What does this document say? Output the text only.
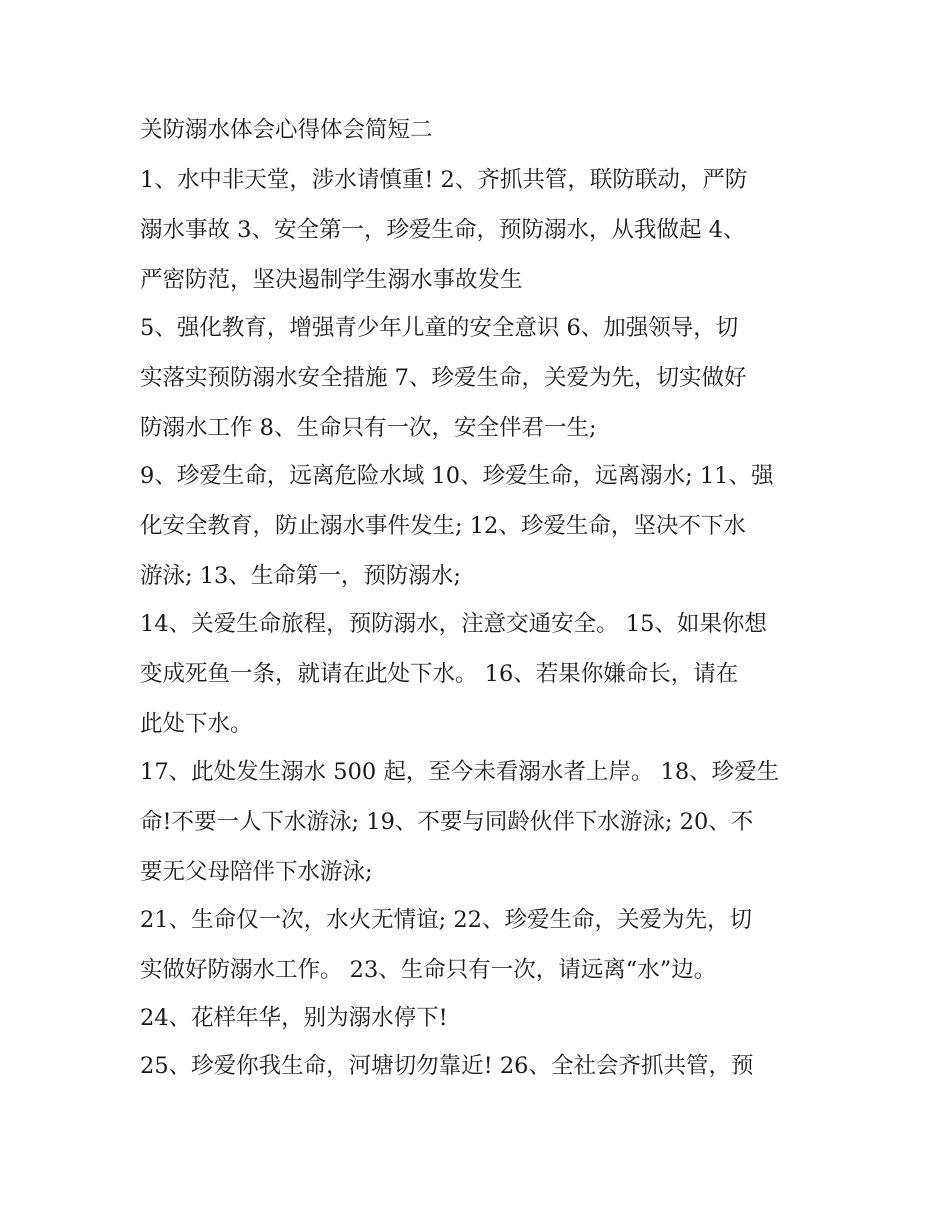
关防溺水体会心得体会简短二
1、水中非天堂，涉水请慎重! 2、齐抓共管，联防联动，严防
溺水事故 3、安全第一，珍爱生命，预防溺水，从我做起 4、
严密防范，坚决遏制学生溺水事故发生
5、强化教育，增强青少年儿童的安全意识 6、加强领导，切
实落实预防溺水安全措施 7、珍爱生命，关爱为先，切实做好
防溺水工作 8、生命只有一次，安全伴君一生;
9、珍爱生命，远离危险水域 10、珍爱生命，远离溺水; 11、强
化安全教育，防止溺水事件发生; 12、珍爱生命，坚决不下水
游泳; 13、生命第一，预防溺水;
14、关爱生命旅程，预防溺水，注意交通安全。 15、如果你想
变成死鱼一条，就请在此处下水。 16、若果你嫌命长，请在
此处下水。
17、此处发生溺水 500 起，至今未看溺水者上岸。 18、珍爱生
命!不要一人下水游泳; 19、不要与同龄伙伴下水游泳; 20、不
要无父母陪伴下水游泳;
21、生命仅一次，水火无情谊; 22、珍爱生命，关爱为先，切
实做好防溺水工作。 23、生命只有一次，请远离“水”边。
24、花样年华，别为溺水停下!
25、珍爱你我生命，河塘切勿靠近! 26、全社会齐抓共管，预
